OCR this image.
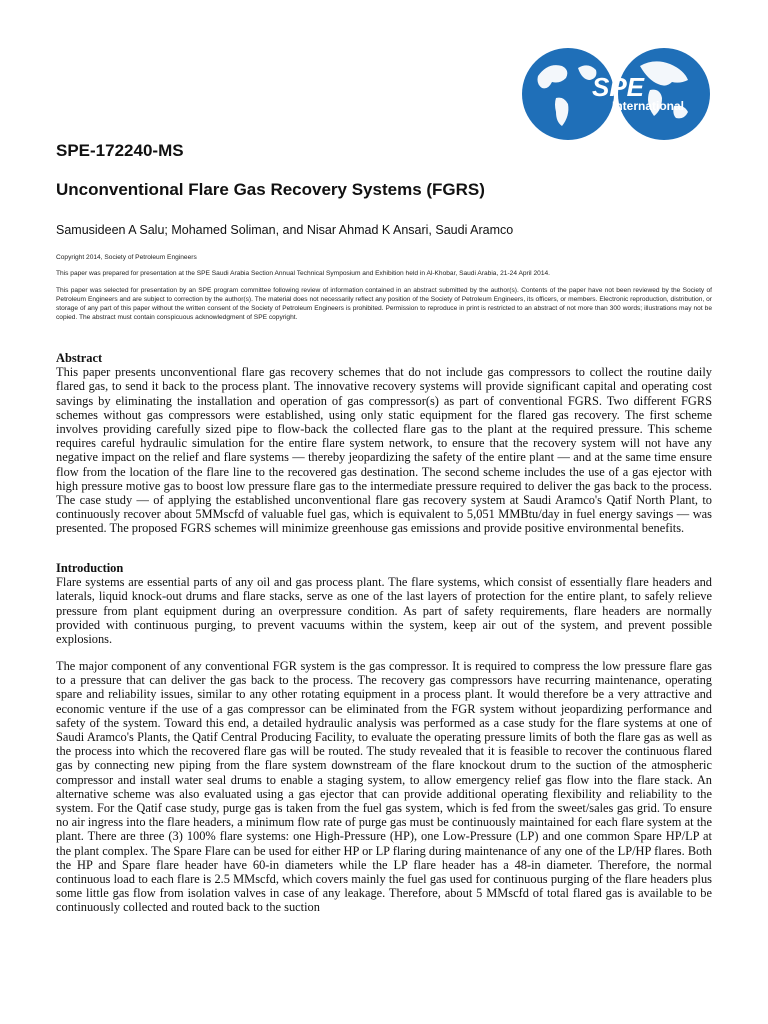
SPE
International
SPE-172240-MS
Unconventional Flare Gas Recovery Systems (FGRS)

Samusideen A Salu; Mohamed Soliman, and Nisar Ahmad K Ansari, Saudi Aramco

Copyright 2014, Society of Petroleum Engineers

This paper was prepared for presentation at the SPE Saudi Arabia Section Annual Technical Symposium and Exhibition held in Al-Khobar, Saudi Arabia, 21-24 April 2014.

This paper was selected for presentation by an SPE program committee following review of information contained in an abstract submitted by the author(s). Contents of the paper have not been reviewed by the Society of Petroleum Engineers and are subject to correction by the author(s). The material does not necessarily reflect any position of the Society of Petroleum Engineers, its officers, or members. Electronic reproduction, distribution, or storage of any part of this paper without the written consent of the Society of Petroleum Engineers is prohibited. Permission to reproduce in print is restricted to an abstract of not more than 300 words; illustrations may not be copied. The abstract must contain conspicuous acknowledgment of SPE copyright.

Abstract

This paper presents unconventional flare gas recovery schemes that do not include gas compressors to collect the routine daily flared gas, to send it back to the process plant. The innovative recovery systems will provide significant capital and operating cost savings by eliminating the installation and operation of gas compressor(s) as part of conventional FGRS. Two different FGRS schemes without gas compressors were established, using only static equipment for the flared gas recovery. The first scheme involves providing carefully sized pipe to flow-back the collected flare gas to the plant at the required pressure. This scheme requires careful hydraulic simulation for the entire flare system network, to ensure that the recovery system will not have any negative impact on the relief and flare systems — thereby jeopardizing the safety of the entire plant — and at the same time ensure flow from the location of the flare line to the recovered gas destination. The second scheme includes the use of a gas ejector with high pressure motive gas to boost low pressure flare gas to the intermediate pressure required to deliver the gas back to the process. The case study — of applying the established unconventional flare gas recovery system at Saudi Aramco's Qatif North Plant, to continuously recover about 5MMscfd of valuable fuel gas, which is equivalent to 5,051 MMBtu/day in fuel energy savings — was presented. The proposed FGRS schemes will minimize greenhouse gas emissions and provide positive environmental benefits.

Introduction

Flare systems are essential parts of any oil and gas process plant. The flare systems, which consist of essentially flare headers and laterals, liquid knock-out drums and flare stacks, serve as one of the last layers of protection for the entire plant, to safely relieve pressure from plant equipment during an overpressure condition. As part of safety requirements, flare headers are normally provided with continuous purging, to prevent vacuums within the system, keep air out of the system, and prevent possible explosions.

The major component of any conventional FGR system is the gas compressor. It is required to compress the low pressure flare gas to a pressure that can deliver the gas back to the process. The recovery gas compressors have recurring maintenance, operating spare and reliability issues, similar to any other rotating equipment in a process plant. It would therefore be a very attractive and economic venture if the use of a gas compressor can be eliminated from the FGR system without jeopardizing performance and safety of the system. Toward this end, a detailed hydraulic analysis was performed as a case study for the flare systems at one of Saudi Aramco's Plants, the Qatif Central Producing Facility, to evaluate the operating pressure limits of both the flare gas as well as the process into which the recovered flare gas will be routed. The study revealed that it is feasible to recover the continuous flared gas by connecting new piping from the flare system downstream of the flare knockout drum to the suction of the atmospheric compressor and install water seal drums to enable a staging system, to allow emergency relief gas flow into the flare stack. An alternative scheme was also evaluated using a gas ejector that can provide additional operating flexibility and reliability to the system. For the Qatif case study, purge gas is taken from the fuel gas system, which is fed from the sweet/sales gas grid. To ensure no air ingress into the flare headers, a minimum flow rate of purge gas must be continuously maintained for each flare system at the plant. There are three (3) 100% flare systems: one High-Pressure (HP), one Low-Pressure (LP) and one common Spare HP/LP at the plant complex. The Spare Flare can be used for either HP or LP flaring during maintenance of any one of the LP/HP flares. Both the HP and Spare flare header have 60-in diameters while the LP flare header has a 48-in diameter. Therefore, the normal continuous load to each flare is 2.5 MMscfd, which covers mainly the fuel gas used for continuous purging of the flare headers plus some little gas flow from isolation valves in case of any leakage. Therefore, about 5 MMscfd of total flared gas is available to be continuously collected and routed back to the suction
